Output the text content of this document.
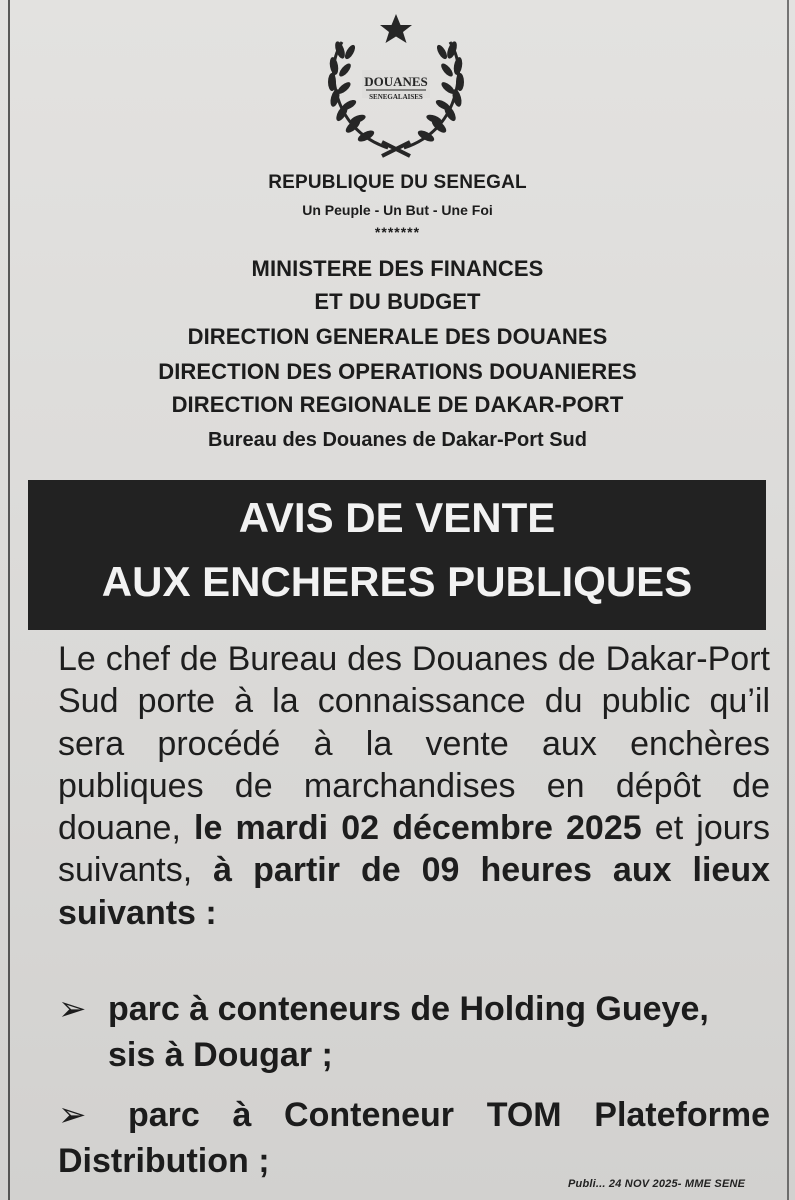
DOUANES
SENEGALAISES
REPUBLIQUE DU SENEGAL
Un Peuple - Un But - Une Foi
*******
MINISTERE DES FINANCES
ET DU BUDGET
DIRECTION GENERALE DES DOUANES
DIRECTION DES OPERATIONS DOUANIERES
DIRECTION REGIONALE DE DAKAR-PORT
Bureau des Douanes de Dakar-Port Sud
AVIS DE VENTE
AUX ENCHERES PUBLIQUES
Le chef de Bureau des Douanes de Dakar-Port Sud porte à la connaissance du public qu’il sera procédé à la vente aux enchères publiques de marchandises en dépôt de douane, le mardi 02 décembre 2025 et jours suivants, à partir de 09 heures aux lieux suivants :
➢ parc à conteneurs de Holding Gueye,
sis à Dougar ;
➢ parc à Conteneur TOM Plateforme
Distribution ;
Publi... 24 NOV 2025- MME SENE
